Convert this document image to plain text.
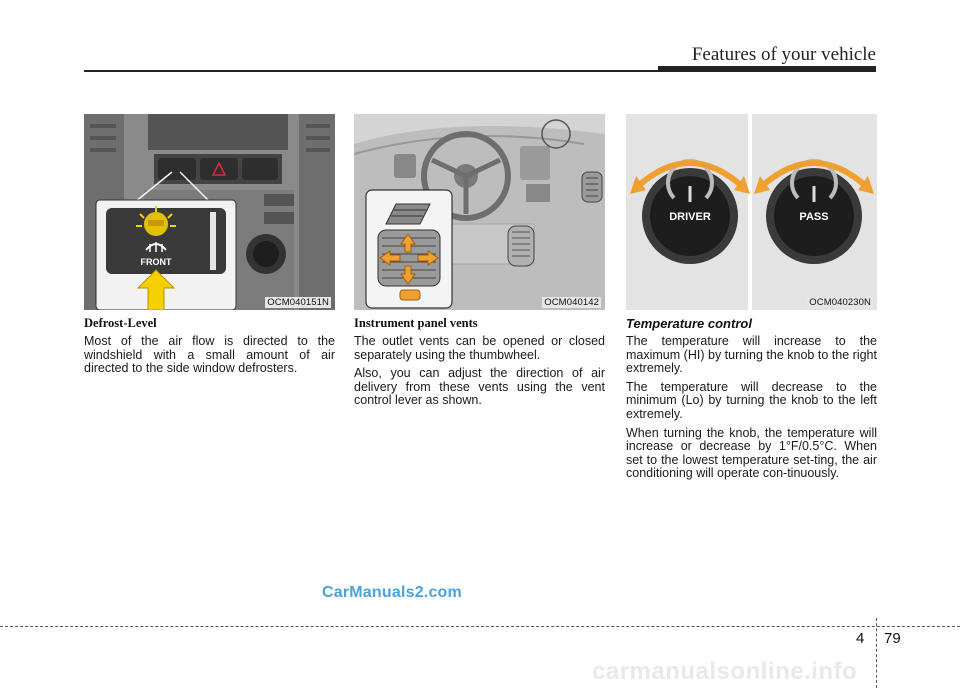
Features of your vehicle
FRONT
OCM040151N	OCM040142
DRIVER	PASS
OCM040230N
Defrost-Level

Most of the air flow is directed to the windshield with a small amount of air directed to the side window defrosters.

Instrument panel vents

The outlet vents can be opened or closed separately using the thumbwheel.

Also, you can adjust the direction of air delivery from these vents using the vent control lever as shown.

Temperature control

The temperature will increase to the maximum (HI) by turning the knob to the right extremely.

The temperature will decrease to the minimum (Lo) by turning the knob to the left extremely.

When turning the knob, the temperature will increase or decrease by 1°F/0.5°C. When set to the lowest temperature set-ting, the air conditioning will operate con-tinuously.

CarManuals2.com
4 79
carmanualsonline.info
